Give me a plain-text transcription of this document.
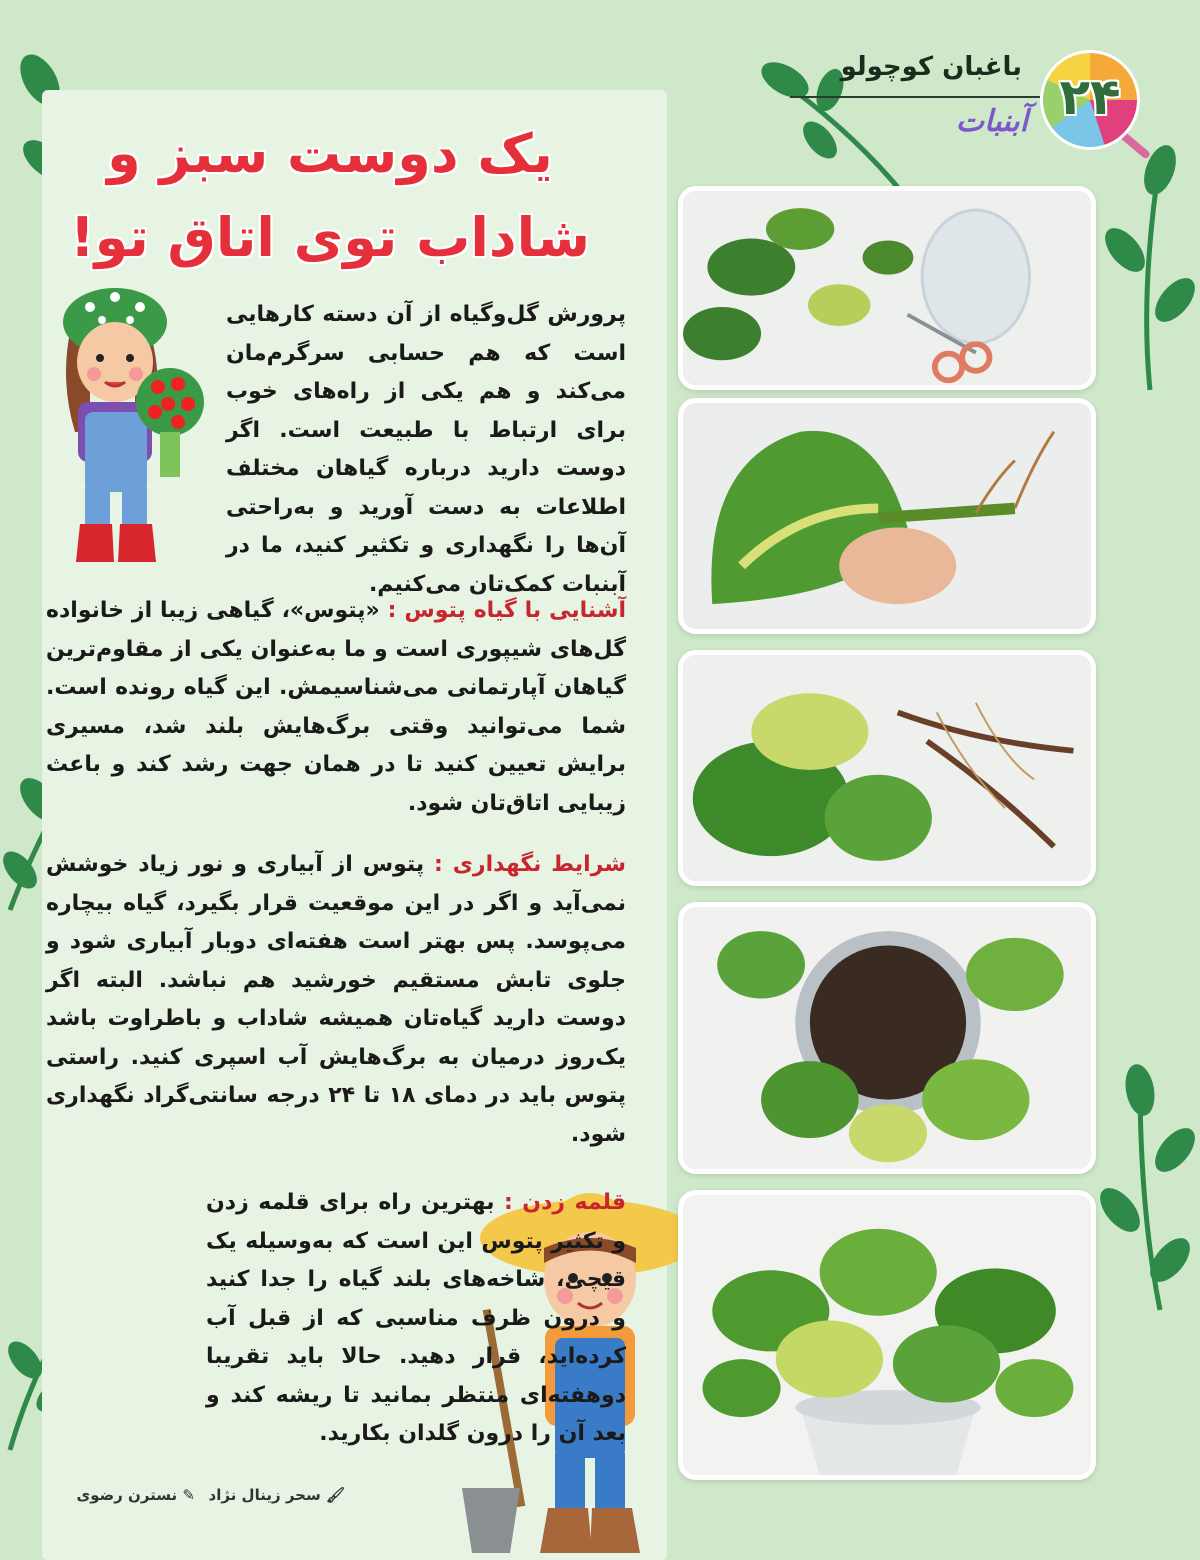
۲۴
باغبان کوچولو
آبنبات
یک دوست سبز و
شاداب توی اتاق تو!

پرورش گل‌وگیاه از آن دسته کارهایی است که هم حسابی سرگرم‌مان می‌کند و هم یکی از راه‌های خوب برای ارتباط با طبیعت است. اگر دوست دارید درباره گیاهان مختلف اطلاعات به دست آورید و به‌راحتی آن‌ها را نگهداری و تکثیر کنید، ما در آبنبات کمک‌تان می‌کنیم.

آشنایی با گیاه پتوس : «پتوس»، گیاهی زیبا از خانواده گل‌های شیپوری است و ما به‌عنوان یکی از مقاوم‌ترین گیاهان آپارتمانی می‌شناسیمش. این گیاه رونده است. شما می‌توانید وقتی برگ‌هایش بلند شد، مسیری برایش تعیین کنید تا در همان جهت رشد کند و باعث زیبایی اتاق‌تان شود.

شرایط نگهداری : پتوس از آبیاری و نور زیاد خوشش نمی‌آید و اگر در این موقعیت قرار بگیرد، گیاه بیچاره می‌پوسد. پس بهتر است هفته‌ای دوبار آبیاری شود و جلوی تابش مستقیم خورشید هم نباشد. البته اگر دوست دارید گیاه‌تان همیشه شاداب و باطراوت باشد یک‌روز درمیان به برگ‌هایش آب اسپری کنید. راستی پتوس باید در دمای ۱۸ تا ۲۴ درجه سانتی‌گراد نگهداری شود.

قلمه زدن : بهترین راه برای قلمه زدن و تکثیر پتوس این است که به‌وسیله یک قیچی، شاخه‌های بلند گیاه را جدا کنید و درون ظرف مناسبی که از قبل آب کرده‌اید، قرار دهید. حالا باید تقریبا دوهفته‌ای منتظر بمانید تا ریشه کند و بعد آن را درون گلدان بکارید.

🖌 سحر زینال نژاد
✎ نسترن رضوی
